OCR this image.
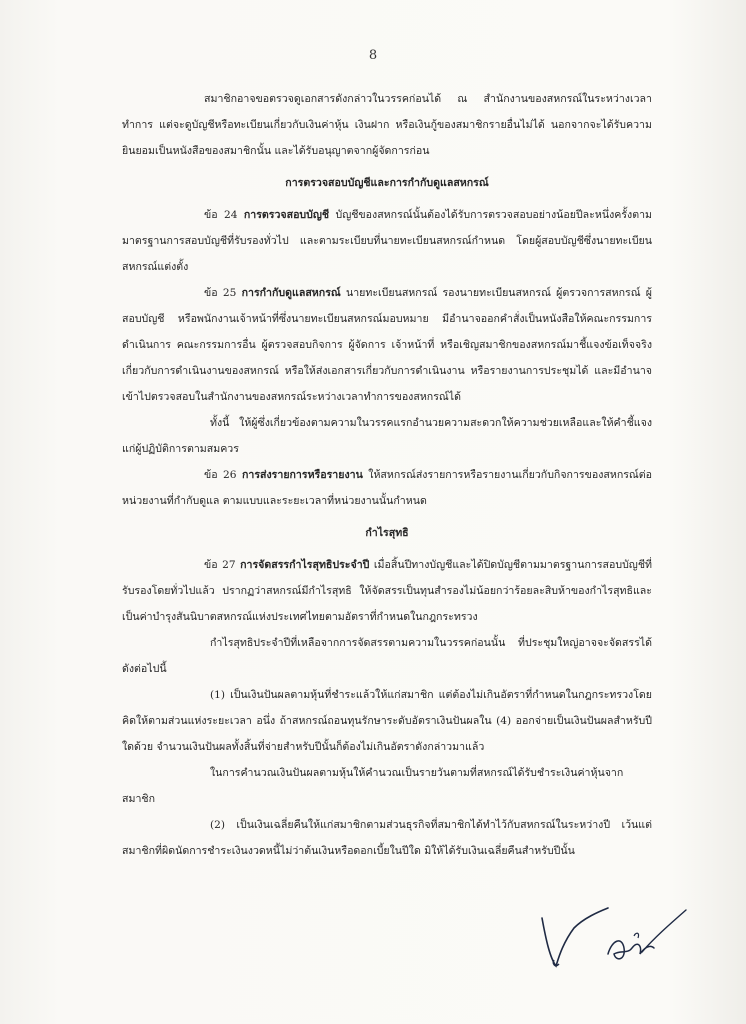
8

สมาชิกอาจขอตรวจดูเอกสารดังกล่าวในวรรคก่อนได้ ณ สำนักงานของสหกรณ์ในระหว่างเวลาทำการ แต่จะดูบัญชีหรือทะเบียนเกี่ยวกับเงินค่าหุ้น เงินฝาก หรือเงินกู้ของสมาชิกรายอื่นไม่ได้ นอกจากจะได้รับความยินยอมเป็นหนังสือของสมาชิกนั้น และได้รับอนุญาตจากผู้จัดการก่อน

การตรวจสอบบัญชีและการกำกับดูแลสหกรณ์

ข้อ 24 การตรวจสอบบัญชี บัญชีของสหกรณ์นั้นต้องได้รับการตรวจสอบอย่างน้อยปีละหนึ่งครั้งตามมาตรฐานการสอบบัญชีที่รับรองทั่วไป และตามระเบียบที่นายทะเบียนสหกรณ์กำหนด โดยผู้สอบบัญชีซึ่งนายทะเบียนสหกรณ์แต่งตั้ง

ข้อ 25 การกำกับดูแลสหกรณ์ นายทะเบียนสหกรณ์ รองนายทะเบียนสหกรณ์ ผู้ตรวจการสหกรณ์ ผู้สอบบัญชี หรือพนักงานเจ้าหน้าที่ซึ่งนายทะเบียนสหกรณ์มอบหมาย มีอำนาจออกคำสั่งเป็นหนังสือให้คณะกรรมการดำเนินการ คณะกรรมการอื่น ผู้ตรวจสอบกิจการ ผู้จัดการ เจ้าหน้าที่ หรือเชิญสมาชิกของสหกรณ์มาชี้แจงข้อเท็จจริงเกี่ยวกับการดำเนินงานของสหกรณ์ หรือให้ส่งเอกสารเกี่ยวกับการดำเนินงาน หรือรายงานการประชุมได้ และมีอำนาจเข้าไปตรวจสอบในสำนักงานของสหกรณ์ระหว่างเวลาทำการของสหกรณ์ได้

ทั้งนี้ ให้ผู้ซึ่งเกี่ยวข้องตามความในวรรคแรกอำนวยความสะดวกให้ความช่วยเหลือและให้คำชี้แจงแก่ผู้ปฏิบัติการตามสมควร

ข้อ 26 การส่งรายการหรือรายงาน ให้สหกรณ์ส่งรายการหรือรายงานเกี่ยวกับกิจการของสหกรณ์ต่อหน่วยงานที่กำกับดูแล ตามแบบและระยะเวลาที่หน่วยงานนั้นกำหนด

กำไรสุทธิ

ข้อ 27 การจัดสรรกำไรสุทธิประจำปี เมื่อสิ้นปีทางบัญชีและได้ปิดบัญชีตามมาตรฐานการสอบบัญชีที่รับรองโดยทั่วไปแล้ว ปรากฏว่าสหกรณ์มีกำไรสุทธิ ให้จัดสรรเป็นทุนสำรองไม่น้อยกว่าร้อยละสิบห้าของกำไรสุทธิและเป็นค่าบำรุงสันนิบาตสหกรณ์แห่งประเทศไทยตามอัตราที่กำหนดในกฎกระทรวง

กำไรสุทธิประจำปีที่เหลือจากการจัดสรรตามความในวรรคก่อนนั้น ที่ประชุมใหญ่อาจจะจัดสรรได้ดังต่อไปนี้

(1) เป็นเงินปันผลตามหุ้นที่ชำระแล้วให้แก่สมาชิก แต่ต้องไม่เกินอัตราที่กำหนดในกฎกระทรวงโดยคิดให้ตามส่วนแห่งระยะเวลา อนึ่ง ถ้าสหกรณ์ถอนทุนรักษาระดับอัตราเงินปันผลใน (4) ออกจ่ายเป็นเงินปันผลสำหรับปีใดด้วย จำนวนเงินปันผลทั้งสิ้นที่จ่ายสำหรับปีนั้นก็ต้องไม่เกินอัตราดังกล่าวมาแล้ว

ในการคำนวณเงินปันผลตามหุ้นให้คำนวณเป็นรายวันตามที่สหกรณ์ได้รับชำระเงินค่าหุ้นจากสมาชิก

(2) เป็นเงินเฉลี่ยคืนให้แก่สมาชิกตามส่วนธุรกิจที่สมาชิกได้ทำไว้กับสหกรณ์ในระหว่างปี เว้นแต่สมาชิกที่ผิดนัดการชำระเงินงวดหนี้ไม่ว่าต้นเงินหรือดอกเบี้ยในปีใด มิให้ได้รับเงินเฉลี่ยคืนสำหรับปีนั้น
